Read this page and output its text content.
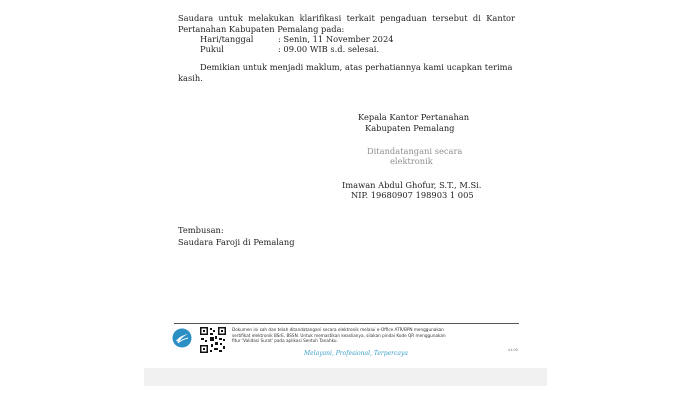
Saudara untuk melakukan klarifikasi terkait pengaduan tersebut di Kantor
Pertanahan Kabupaten Pemalang pada:
Hari/tanggal	: Senin, 11 November 2024
Pukul	: 09.00 WIB s.d. selesai.
Demikian untuk menjadi maklum, atas perhatiannya kami ucapkan terima
kasih.
Kepala Kantor Pertanahan
Kabupaten Pemalang
Ditandatangani secara
elektronik
Imawan Abdul Ghofur, S.T., M.Si.
NIP. 19680907 198903 1 005
Tembusan:
Saudara Faroji di Pemalang
Dokumen ini sah dan telah ditandatangani secara elektronik melalui e-Office ATR/BPN menggunakan
sertifikat elektronik BSrE, BSSN. Untuk memastikan keaslianya, silakan pindai Kode QR menggunakan
fitur 'Validasi Surat' pada aplikasi Sentuh Tanahku.
Melayani, Profesional, Terpercaya	v1.00
